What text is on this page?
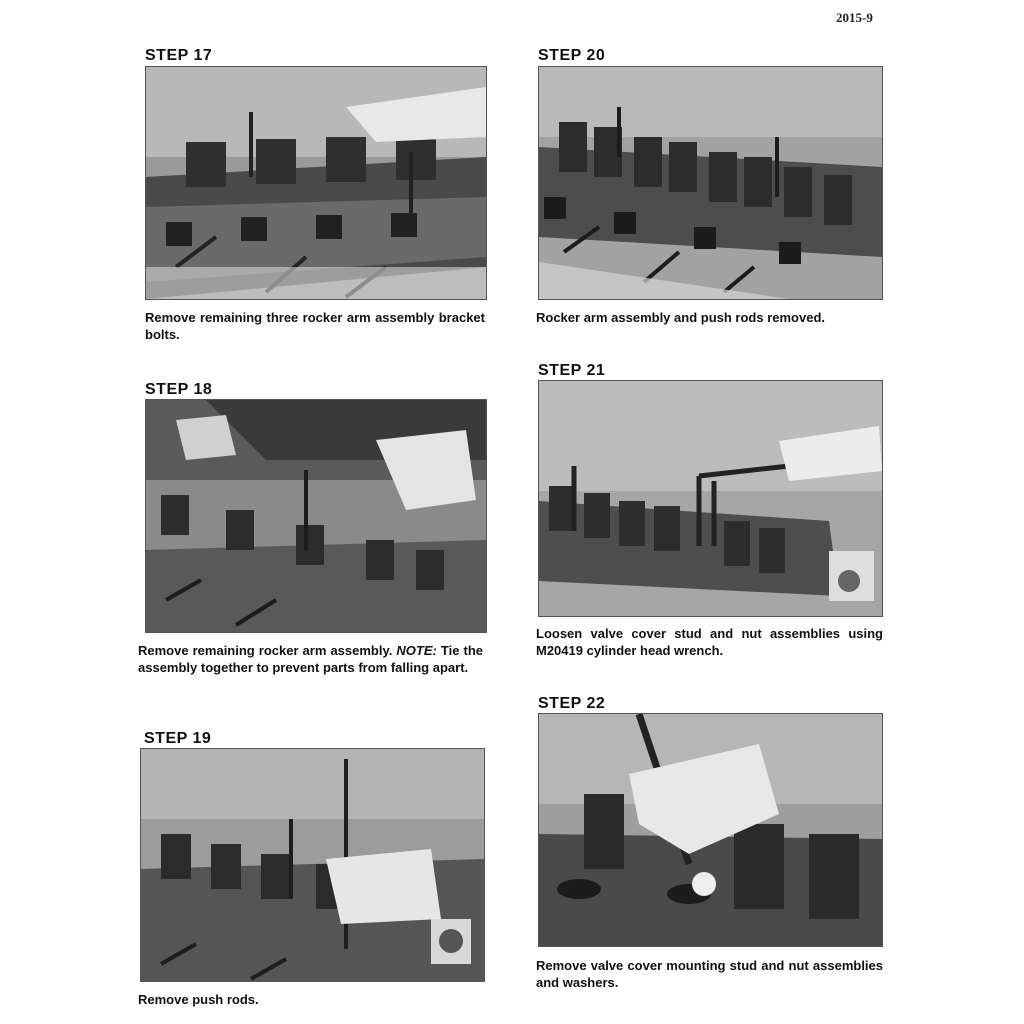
2015-9
STEP 17
Remove remaining three rocker arm assembly bracket bolts.
STEP 18
Remove remaining rocker arm assembly. NOTE: Tie the assembly together to prevent parts from falling apart.
STEP 19
Remove push rods.
STEP 20
Rocker arm assembly and push rods removed.
STEP 21
Loosen valve cover stud and nut assemblies using M20419 cylinder head wrench.
STEP 22
Remove valve cover mounting stud and nut assemblies and washers.
